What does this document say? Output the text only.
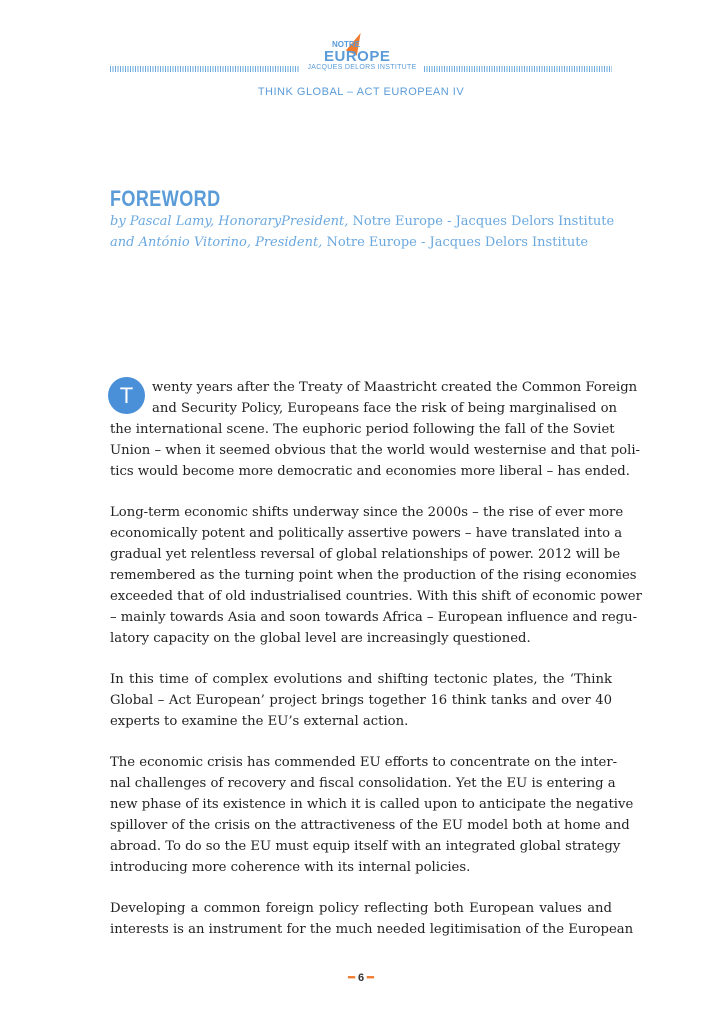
NOTRE
EUROPE
JACQUES DELORS INSTITUTE
THINK GLOBAL – ACT EUROPEAN IV
FOREWORD
by Pascal Lamy, HonoraryPresident, Notre Europe - Jacques Delors Institute
and António Vitorino, President, Notre Europe - Jacques Delors Institute
T	wenty years after the Treaty of Maastricht created the Common Foreign
and Security Policy, Europeans face the risk of being marginalised on
the international scene. The euphoric period following the fall of the Soviet
Union – when it seemed obvious that the world would westernise and that poli-
tics would become more democratic and economies more liberal – has ended.

Long-term economic shifts underway since the 2000s – the rise of ever more
economically potent and politically assertive powers – have translated into a
gradual yet relentless reversal of global relationships of power. 2012 will be
remembered as the turning point when the production of the rising economies
exceeded that of old industrialised countries. With this shift of economic power
– mainly towards Asia and soon towards Africa – European influence and regu-
latory capacity on the global level are increasingly questioned.

In this time of complex evolutions and shifting tectonic plates, the ‘Think
Global – Act European’ project brings together 16 think tanks and over 40
experts to examine the EU’s external action.

The economic crisis has commended EU efforts to concentrate on the inter-
nal challenges of recovery and fiscal consolidation. Yet the EU is entering a
new phase of its existence in which it is called upon to anticipate the negative
spillover of the crisis on the attractiveness of the EU model both at home and
abroad. To do so the EU must equip itself with an integrated global strategy
introducing more coherence with its internal policies.

Developing a common foreign policy reflecting both European values and
interests is an instrument for the much needed legitimisation of the European

━ 6 ━
